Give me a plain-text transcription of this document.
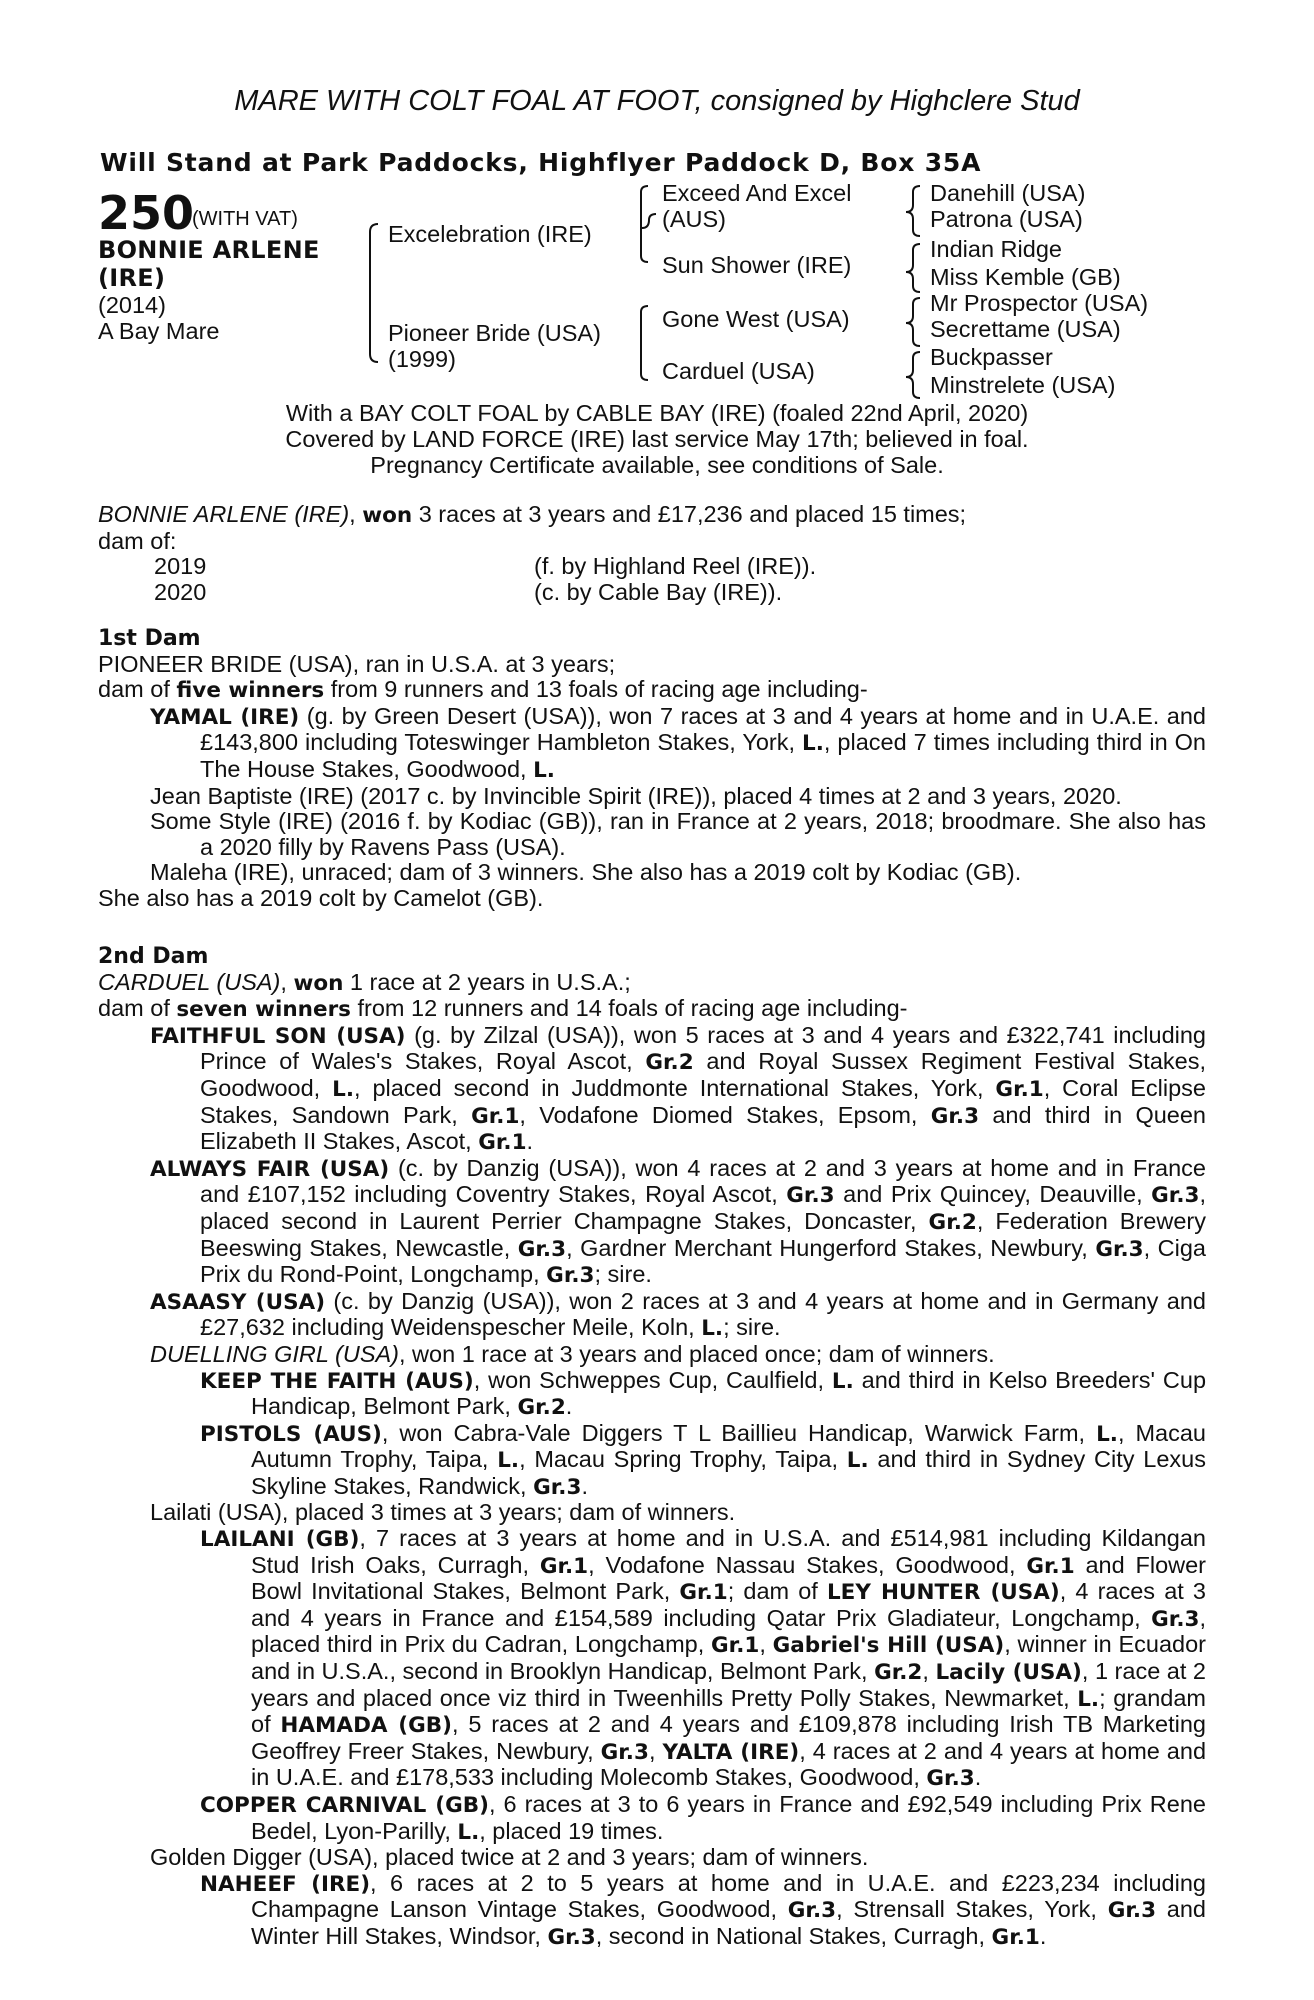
MARE WITH COLT FOAL AT FOOT, consigned by Highclere Stud
Will Stand at Park Paddocks, Highflyer Paddock D, Box 35A
250
(WITH VAT)
BONNIE ARLENE
(IRE)
(2014)
A Bay Mare
Excelebration (IRE)
Pioneer Bride (USA)
(1999)
Exceed And Excel
(AUS)
Sun Shower (IRE)
Gone West (USA)
Carduel (USA)
Danehill (USA)
Patrona (USA)
Indian Ridge
Miss Kemble (GB)
Mr Prospector (USA)
Secrettame (USA)
Buckpasser
Minstrelete (USA)
With a BAY COLT FOAL by CABLE BAY (IRE) (foaled 22nd April, 2020)
Covered by LAND FORCE (IRE) last service May 17th; believed in foal.
Pregnancy Certificate available, see conditions of Sale.

BONNIE ARLENE (IRE), won 3 races at 3 years and £17,236 and placed 15 times;

dam of:

2019	(f. by Highland Reel (IRE)).
2020	(c. by Cable Bay (IRE)).

1st Dam

PIONEER BRIDE (USA), ran in U.S.A. at 3 years;

dam of five winners from 9 runners and 13 foals of racing age including-

YAMAL (IRE) (g. by Green Desert (USA)), won 7 races at 3 and 4 years at home and in U.A.E. and £143,800 including Toteswinger Hambleton Stakes, York, L., placed 7 times including third in On The House Stakes, Goodwood, L.

Jean Baptiste (IRE) (2017 c. by Invincible Spirit (IRE)), placed 4 times at 2 and 3 years, 2020.

Some Style (IRE) (2016 f. by Kodiac (GB)), ran in France at 2 years, 2018; broodmare. She also has a 2020 filly by Ravens Pass (USA).

Maleha (IRE), unraced; dam of 3 winners. She also has a 2019 colt by Kodiac (GB).

She also has a 2019 colt by Camelot (GB).

2nd Dam

CARDUEL (USA), won 1 race at 2 years in U.S.A.;

dam of seven winners from 12 runners and 14 foals of racing age including-

FAITHFUL SON (USA) (g. by Zilzal (USA)), won 5 races at 3 and 4 years and £322,741 including Prince of Wales's Stakes, Royal Ascot, Gr.2 and Royal Sussex Regiment Festival Stakes, Goodwood, L., placed second in Juddmonte International Stakes, York, Gr.1, Coral Eclipse Stakes, Sandown Park, Gr.1, Vodafone Diomed Stakes, Epsom, Gr.3 and third in Queen Elizabeth II Stakes, Ascot, Gr.1.

ALWAYS FAIR (USA) (c. by Danzig (USA)), won 4 races at 2 and 3 years at home and in France and £107,152 including Coventry Stakes, Royal Ascot, Gr.3 and Prix Quincey, Deauville, Gr.3, placed second in Laurent Perrier Champagne Stakes, Doncaster, Gr.2, Federation Brewery Beeswing Stakes, Newcastle, Gr.3, Gardner Merchant Hungerford Stakes, Newbury, Gr.3, Ciga Prix du Rond-Point, Longchamp, Gr.3; sire.

ASAASY (USA) (c. by Danzig (USA)), won 2 races at 3 and 4 years at home and in Germany and £27,632 including Weidenspescher Meile, Koln, L.; sire.

DUELLING GIRL (USA), won 1 race at 3 years and placed once; dam of winners.

KEEP THE FAITH (AUS), won Schweppes Cup, Caulfield, L. and third in Kelso Breeders' Cup Handicap, Belmont Park, Gr.2.

PISTOLS (AUS), won Cabra-Vale Diggers T L Baillieu Handicap, Warwick Farm, L., Macau Autumn Trophy, Taipa, L., Macau Spring Trophy, Taipa, L. and third in Sydney City Lexus Skyline Stakes, Randwick, Gr.3.

Lailati (USA), placed 3 times at 3 years; dam of winners.

LAILANI (GB), 7 races at 3 years at home and in U.S.A. and £514,981 including Kildangan Stud Irish Oaks, Curragh, Gr.1, Vodafone Nassau Stakes, Goodwood, Gr.1 and Flower Bowl Invitational Stakes, Belmont Park, Gr.1; dam of LEY HUNTER (USA), 4 races at 3 and 4 years in France and £154,589 including Qatar Prix Gladiateur, Longchamp, Gr.3, placed third in Prix du Cadran, Longchamp, Gr.1, Gabriel's Hill (USA), winner in Ecuador and in U.S.A., second in Brooklyn Handicap, Belmont Park, Gr.2, Lacily (USA), 1 race at 2 years and placed once viz third in Tweenhills Pretty Polly Stakes, Newmarket, L.; grandam of HAMADA (GB), 5 races at 2 and 4 years and £109,878 including Irish TB Marketing Geoffrey Freer Stakes, Newbury, Gr.3, YALTA (IRE), 4 races at 2 and 4 years at home and in U.A.E. and £178,533 including Molecomb Stakes, Goodwood, Gr.3.

COPPER CARNIVAL (GB), 6 races at 3 to 6 years in France and £92,549 including Prix Rene Bedel, Lyon-Parilly, L., placed 19 times.

Golden Digger (USA), placed twice at 2 and 3 years; dam of winners.

NAHEEF (IRE), 6 races at 2 to 5 years at home and in U.A.E. and £223,234 including Champagne Lanson Vintage Stakes, Goodwood, Gr.3, Strensall Stakes, York, Gr.3 and Winter Hill Stakes, Windsor, Gr.3, second in National Stakes, Curragh, Gr.1.
